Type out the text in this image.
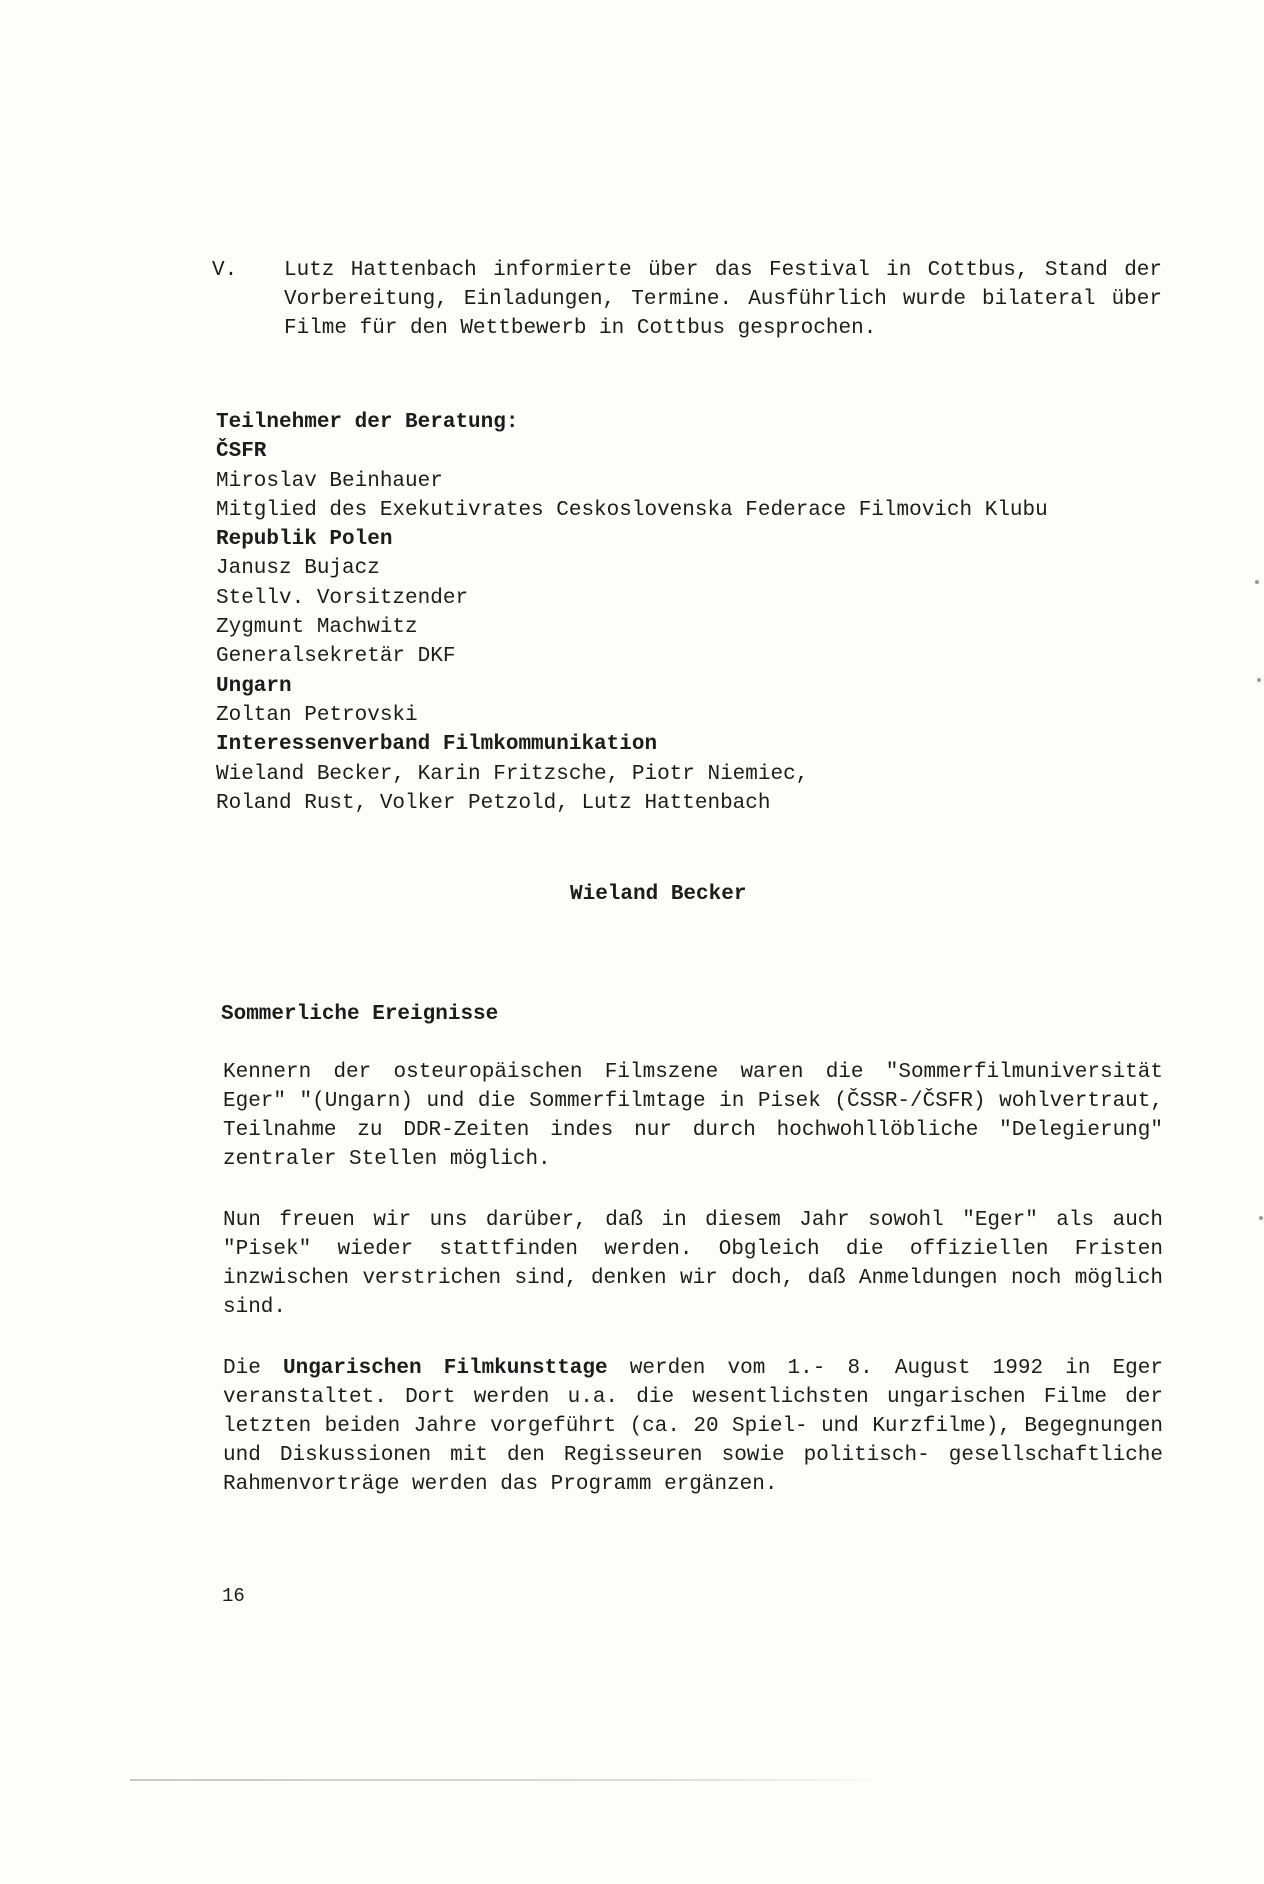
V. Lutz Hattenbach informierte über das Festival in Cottbus, Stand der Vorbereitung, Einladungen, Termine. Ausführlich wurde bilateral über Filme für den Wettbewerb in Cottbus gesprochen.
Teilnehmer der Beratung:
ČSFR
Miroslav Beinhauer
Mitglied des Exekutivrates Ceskoslovenska Federace Filmovich Klubu
Republik Polen
Janusz Bujacz
Stellv. Vorsitzender
Zygmunt Machwitz
Generalsekretär DKF
Ungarn
Zoltan Petrovski
Interessenverband Filmkommunikation
Wieland Becker, Karin Fritzsche, Piotr Niemiec,
Roland Rust, Volker Petzold, Lutz Hattenbach
Wieland Becker
Sommerliche Ereignisse
Kennern der osteuropäischen Filmszene waren die "Sommerfilmuniversität Eger" "(Ungarn) und die Sommerfilmtage in Pisek (ČSSR-/ČSFR) wohlvertraut, Teilnahme zu DDR-Zeiten indes nur durch hochwohllöbliche "Delegierung" zentraler Stellen möglich.
Nun freuen wir uns darüber, daß in diesem Jahr sowohl "Eger" als auch "Pisek" wieder stattfinden werden. Obgleich die offiziellen Fristen inzwischen verstrichen sind, denken wir doch, daß Anmeldungen noch möglich sind.
Die Ungarischen Filmkunsttage werden vom 1.- 8. August 1992 in Eger veranstaltet. Dort werden u.a. die wesentlichsten ungarischen Filme der letzten beiden Jahre vorgeführt (ca. 20 Spiel- und Kurzfilme), Begegnungen und Diskussionen mit den Regisseuren sowie politisch- gesellschaftliche Rahmenvorträge werden das Programm ergänzen.
16
